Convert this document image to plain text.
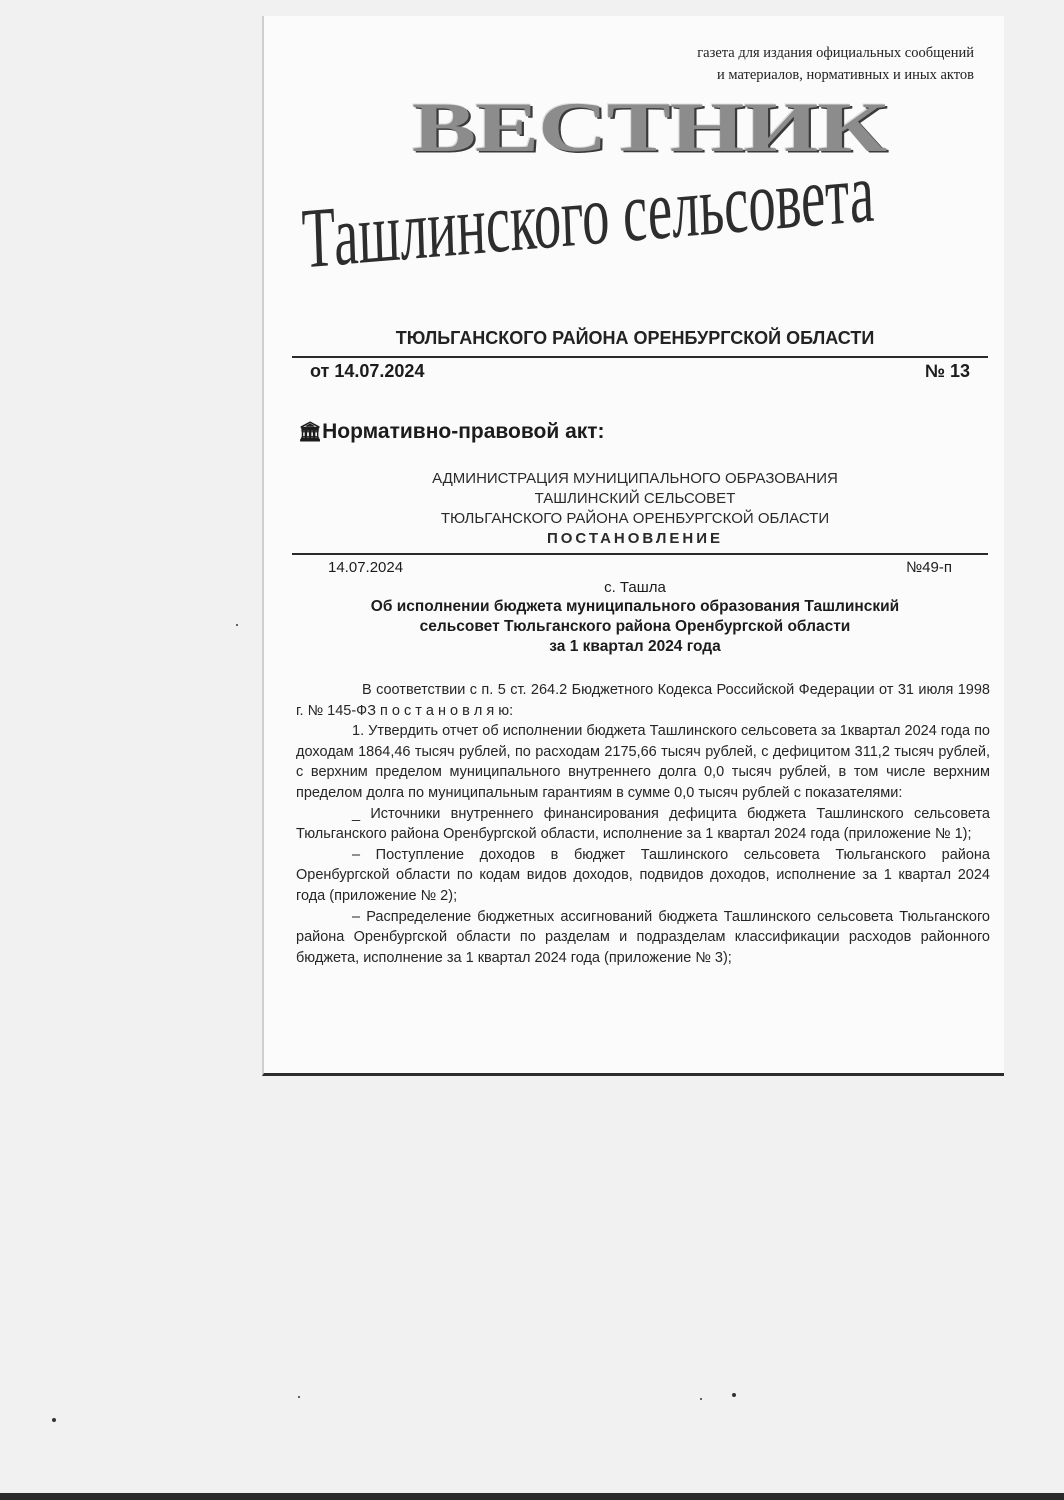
газета для издания официальных сообщений
и материалов, нормативных и иных актов
ВЕСТНИК
Ташлинского сельсовета
ТЮЛЬГАНСКОГО РАЙОНА ОРЕНБУРГСКОЙ ОБЛАСТИ
от 14.07.2024	№ 13
🏛Нормативно-правовой акт:
АДМИНИСТРАЦИЯ МУНИЦИПАЛЬНОГО ОБРАЗОВАНИЯ
ТАШЛИНСКИЙ СЕЛЬСОВЕТ
ТЮЛЬГАНСКОГО РАЙОНА ОРЕНБУРГСКОЙ ОБЛАСТИ
ПОСТАНОВЛЕНИЕ
14.07.2024	№49-п
с. Ташла
Об исполнении бюджета муниципального образования Ташлинский
сельсовет Тюльганского района Оренбургской области
за 1 квартал 2024 года

В соответствии с п. 5 ст. 264.2 Бюджетного Кодекса Российской Федерации от 31 июля 1998 г. № 145-ФЗ п о с т а н о в л я ю:

1. Утвердить отчет об исполнении бюджета Ташлинского сельсовета за 1квартал 2024 года по доходам 1864,46 тысяч рублей, по расходам 2175,66 тысяч рублей, с дефицитом 311,2 тысяч рублей, с верхним пределом муниципального внутреннего долга 0,0 тысяч рублей, в том числе верхним пределом долга по муниципальным гарантиям в сумме 0,0 тысяч рублей с показателями:

_ Источники внутреннего финансирования дефицита бюджета Ташлинского сельсовета Тюльганского района Оренбургской области, исполнение за 1 квартал 2024 года (приложение № 1);

– Поступление доходов в бюджет Ташлинского сельсовета Тюльганского района Оренбургской области по кодам видов доходов, подвидов доходов, исполнение за 1 квартал 2024 года (приложение № 2);

– Распределение бюджетных ассигнований бюджета Ташлинского сельсовета Тюльганского района Оренбургской области по разделам и подразделам классификации расходов районного бюджета, исполнение за 1 квартал 2024 года (приложение № 3);
